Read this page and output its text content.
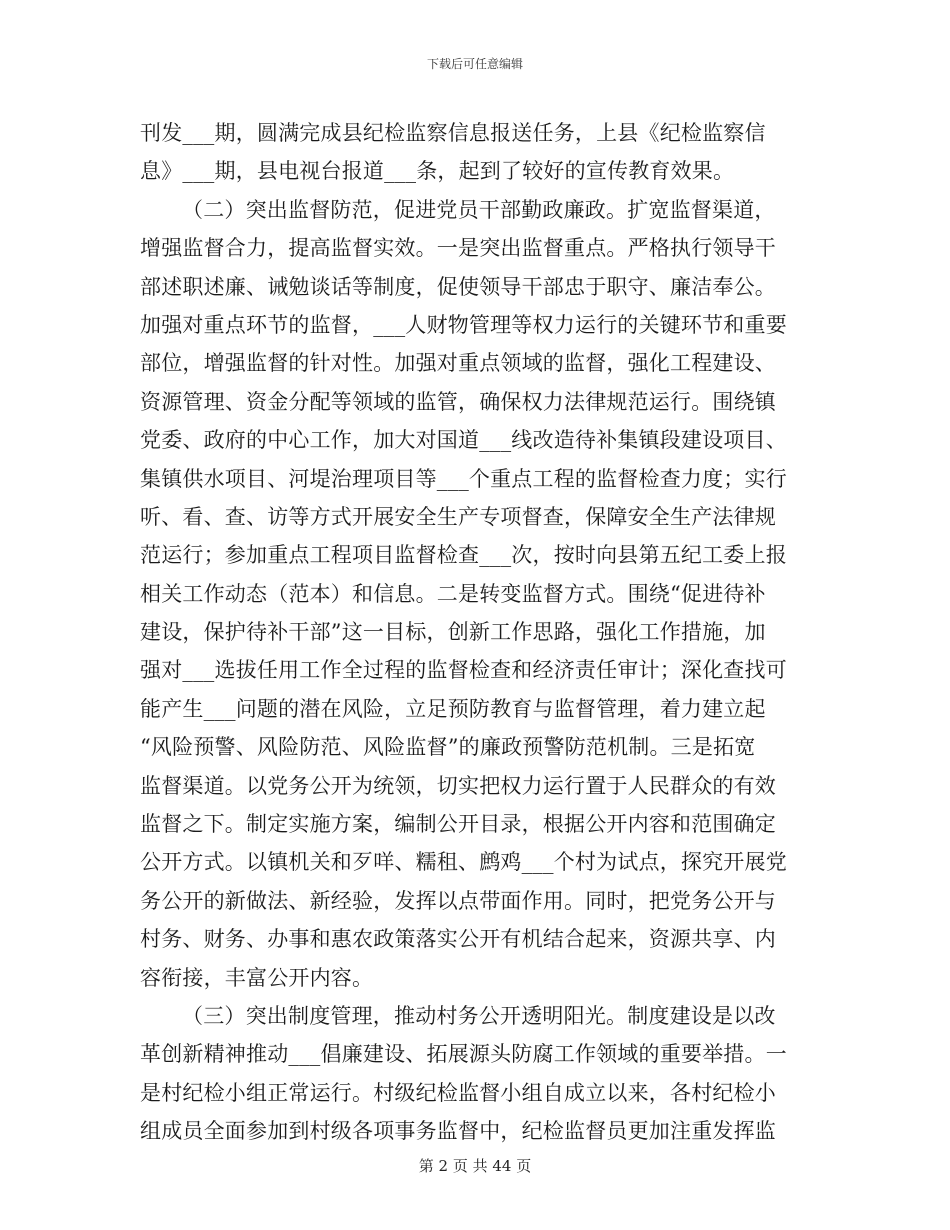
下载后可任意编辑
刊发___期，圆满完成县纪检监察信息报送任务，上县《纪检监察信
息》___期，县电视台报道___条，起到了较好的宣传教育效果。
（二）突出监督防范，促进党员干部勤政廉政。扩宽监督渠道，
增强监督合力，提高监督实效。一是突出监督重点。严格执行领导干
部述职述廉、诫勉谈话等制度，促使领导干部忠于职守、廉洁奉公。
加强对重点环节的监督，___人财物管理等权力运行的关键环节和重要
部位，增强监督的针对性。加强对重点领域的监督，强化工程建设、
资源管理、资金分配等领域的监管，确保权力法律规范运行。围绕镇
党委、政府的中心工作，加大对国道___线改造待补集镇段建设项目、
集镇供水项目、河堤治理项目等___个重点工程的监督检查力度；实行
听、看、查、访等方式开展安全生产专项督查，保障安全生产法律规
范运行；参加重点工程项目监督检查___次，按时向县第五纪工委上报
相关工作动态（范本）和信息。二是转变监督方式。围绕“促进待补
建设，保护待补干部”这一目标，创新工作思路，强化工作措施，加
强对___选拔任用工作全过程的监督检查和经济责任审计；深化查找可
能产生___问题的潜在风险，立足预防教育与监督管理，着力建立起
“风险预警、风险防范、风险监督”的廉政预警防范机制。三是拓宽
监督渠道。以党务公开为统领，切实把权力运行置于人民群众的有效
监督之下。制定实施方案，编制公开目录，根据公开内容和范围确定
公开方式。以镇机关和歹咩、糯租、鹧鸡___个村为试点，探究开展党
务公开的新做法、新经验，发挥以点带面作用。同时，把党务公开与
村务、财务、办事和惠农政策落实公开有机结合起来，资源共享、内
容衔接，丰富公开内容。
（三）突出制度管理，推动村务公开透明阳光。制度建设是以改
革创新精神推动___倡廉建设、拓展源头防腐工作领域的重要举措。一
是村纪检小组正常运行。村级纪检监督小组自成立以来，各村纪检小
组成员全面参加到村级各项事务监督中，纪检监督员更加注重发挥监
第 2 页 共 44 页
